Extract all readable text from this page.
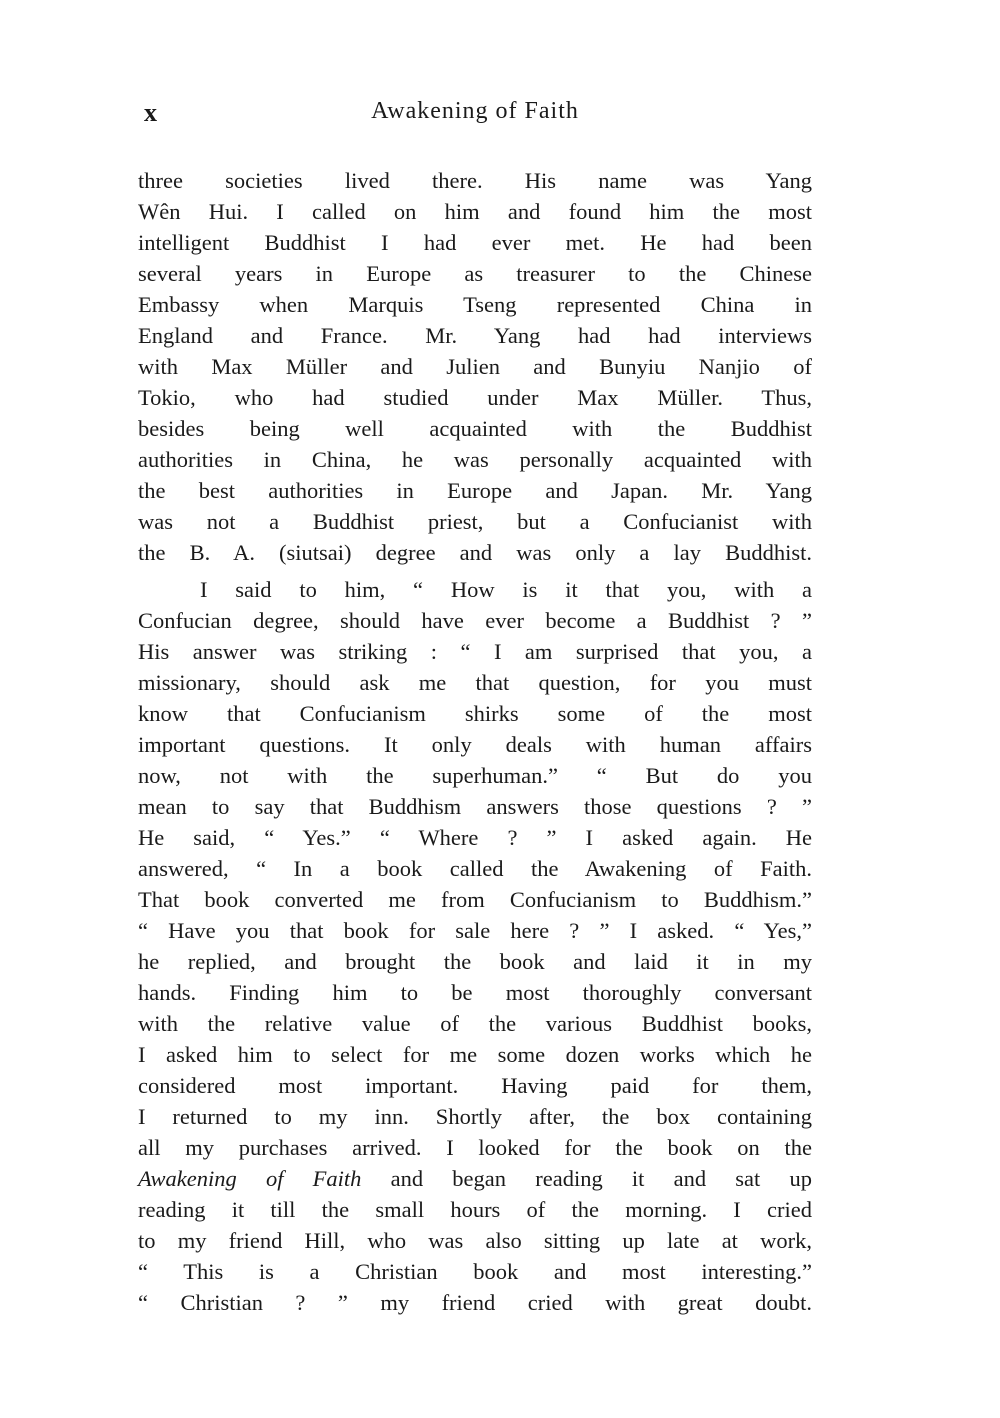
x	Awakening of Faith
three societies lived there. His name was Yang
Wên Hui. I called on him and found him the most
intelligent Buddhist I had ever met. He had been
several years in Europe as treasurer to the Chinese
Embassy when Marquis Tseng represented China in
England and France. Mr. Yang had had interviews
with Max Müller and Julien and Bunyiu Nanjio of
Tokio, who had studied under Max Müller. Thus,
besides being well acquainted with the Buddhist
authorities in China, he was personally acquainted with
the best authorities in Europe and Japan. Mr. Yang
was not a Buddhist priest, but a Confucianist with
the B. A. (siutsai) degree and was only a lay Buddhist.
I said to him, “ How is it that you, with a
Confucian degree, should have ever become a Buddhist ? ”
His answer was striking : “ I am surprised that you, a
missionary, should ask me that question, for you must
know that Confucianism shirks some of the most
important questions. It only deals with human affairs
now, not with the superhuman.” “ But do you
mean to say that Buddhism answers those questions ? ”
He said, “ Yes.” “ Where ? ” I asked again. He
answered, “ In a book called the Awakening of Faith.
That book converted me from Confucianism to Buddhism.”
“ Have you that book for sale here ? ” I asked. “ Yes,”
he replied, and brought the book and laid it in my
hands. Finding him to be most thoroughly conversant
with the relative value of the various Buddhist books,
I asked him to select for me some dozen works which he
considered most important. Having paid for them,
I returned to my inn. Shortly after, the box containing
all my purchases arrived. I looked for the book on the
Awakening of Faith and began reading it and sat up
reading it till the small hours of the morning. I cried
to my friend Hill, who was also sitting up late at work,
“ This is a Christian book and most interesting.”
“ Christian ? ” my friend cried with great doubt.
